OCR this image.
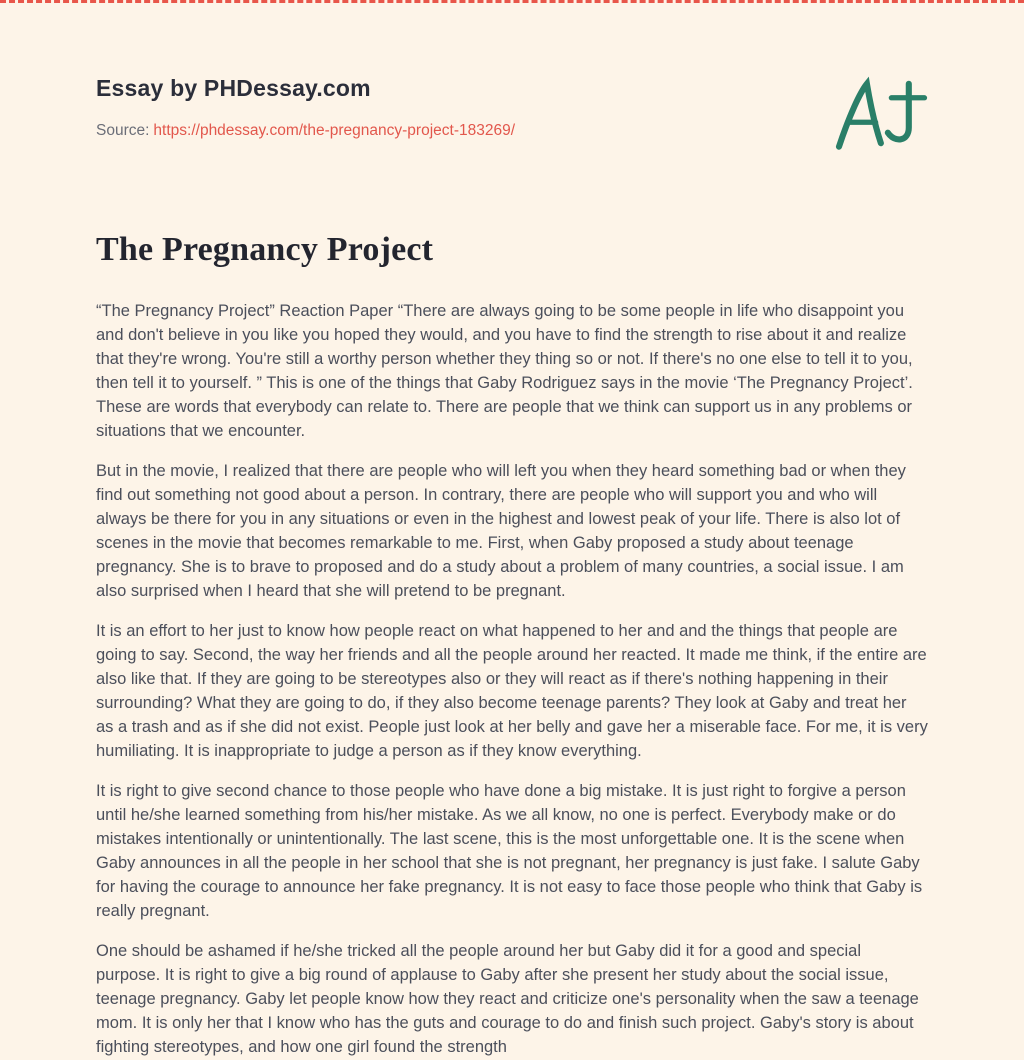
Essay by PHDessay.com

Source: https://phdessay.com/the-pregnancy-project-183269/

The Pregnancy Project

“The Pregnancy Project” Reaction Paper “There are always going to be some people in life who disappoint you and don't believe in you like you hoped they would, and you have to find the strength to rise about it and realize that they're wrong. You're still a worthy person whether they thing so or not. If there's no one else to tell it to you, then tell it to yourself. ” This is one of the things that Gaby Rodriguez says in the movie ‘The Pregnancy Project’. These are words that everybody can relate to. There are people that we think can support us in any problems or situations that we encounter.

But in the movie, I realized that there are people who will left you when they heard something bad or when they find out something not good about a person. In contrary, there are people who will support you and who will always be there for you in any situations or even in the highest and lowest peak of your life. There is also lot of scenes in the movie that becomes remarkable to me. First, when Gaby proposed a study about teenage pregnancy. She is to brave to proposed and do a study about a problem of many countries, a social issue. I am also surprised when I heard that she will pretend to be pregnant.

It is an effort to her just to know how people react on what happened to her and and the things that people are going to say. Second, the way her friends and all the people around her reacted. It made me think, if the entire are also like that. If they are going to be stereotypes also or they will react as if there's nothing happening in their surrounding? What they are going to do, if they also become teenage parents? They look at Gaby and treat her as a trash and as if she did not exist. People just look at her belly and gave her a miserable face. For me, it is very humiliating. It is inappropriate to judge a person as if they know everything.

It is right to give second chance to those people who have done a big mistake. It is just right to forgive a person until he/she learned something from his/her mistake. As we all know, no one is perfect. Everybody make or do mistakes intentionally or unintentionally. The last scene, this is the most unforgettable one. It is the scene when Gaby announces in all the people in her school that she is not pregnant, her pregnancy is just fake. I salute Gaby for having the courage to announce her fake pregnancy. It is not easy to face those people who think that Gaby is really pregnant.

One should be ashamed if he/she tricked all the people around her but Gaby did it for a good and special purpose. It is right to give a big round of applause to Gaby after she present her study about the social issue, teenage pregnancy. Gaby let people know how they react and criticize one's personality when the saw a teenage mom. It is only her that I know who has the guts and courage to do and finish such project. Gaby's story is about fighting stereotypes, and how one girl found the strength
